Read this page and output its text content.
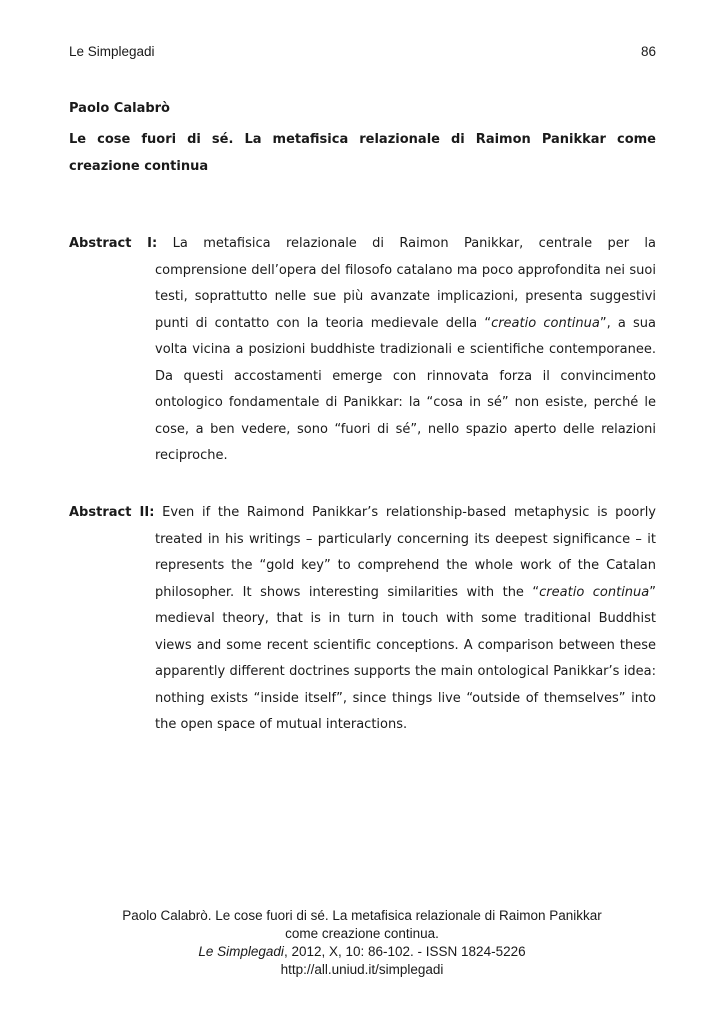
Le Simplegadi	86
Paolo Calabrò
Le cose fuori di sé. La metafisica relazionale di Raimon Panikkar come creazione continua
Abstract I: La metafisica relazionale di Raimon Panikkar, centrale per la
comprensione dell’opera del filosofo catalano ma poco approfondita nei suoi testi, soprattutto nelle sue più avanzate implicazioni, presenta suggestivi punti di contatto con la teoria medievale della “creatio continua”, a sua volta vicina a posizioni buddhiste tradizionali e scientifiche contemporanee. Da questi accostamenti emerge con rinnovata forza il convincimento ontologico fondamentale di Panikkar: la “cosa in sé” non esiste, perché le cose, a ben vedere, sono “fuori di sé”, nello spazio aperto delle relazioni reciproche.
Abstract II: Even if the Raimond Panikkar’s relationship-based metaphysic is poorly
treated in his writings – particularly concerning its deepest significance – it represents the “gold key” to comprehend the whole work of the Catalan philosopher. It shows interesting similarities with the “creatio continua” medieval theory, that is in turn in touch with some traditional Buddhist views and some recent scientific conceptions. A comparison between these apparently different doctrines supports the main ontological Panikkar’s idea: nothing exists “inside itself”, since things live “outside of themselves” into the open space of mutual interactions.
Paolo Calabrò. Le cose fuori di sé. La metafisica relazionale di Raimon Panikkar
come creazione continua.
Le Simplegadi, 2012, X, 10: 86-102. - ISSN 1824-5226
http://all.uniud.it/simplegadi
